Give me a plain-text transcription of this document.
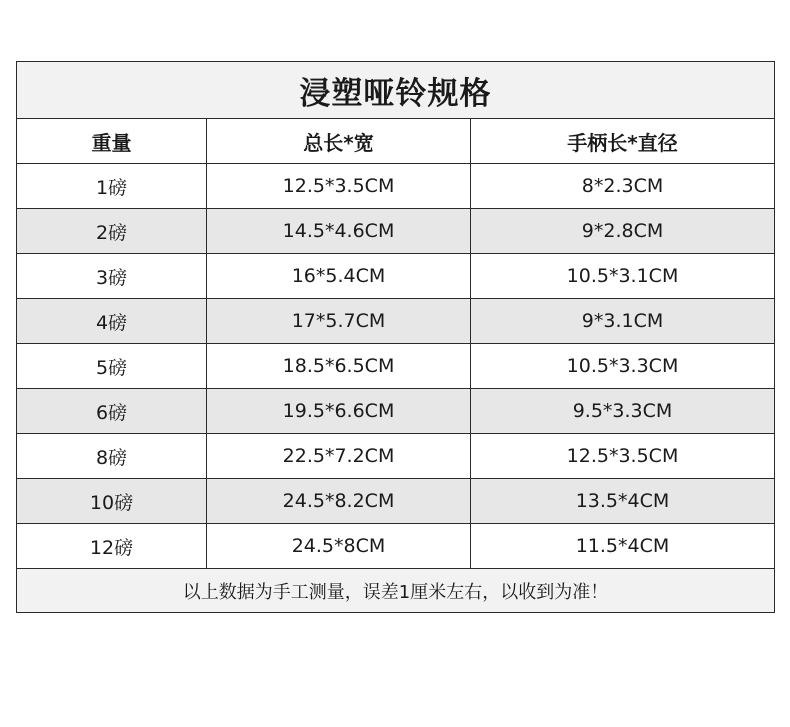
浸塑哑铃规格		
重量	总长*宽	手柄长*直径
1磅	12.5*3.5CM	8*2.3CM
2磅	14.5*4.6CM	9*2.8CM
3磅	16*5.4CM	10.5*3.1CM
4磅	17*5.7CM	9*3.1CM
5磅	18.5*6.5CM	10.5*3.3CM
6磅	19.5*6.6CM	9.5*3.3CM
8磅	22.5*7.2CM	12.5*3.5CM
10磅	24.5*8.2CM	13.5*4CM
12磅	24.5*8CM	11.5*4CM
以上数据为手工测量，误差1厘米左右，以收到为准！		
